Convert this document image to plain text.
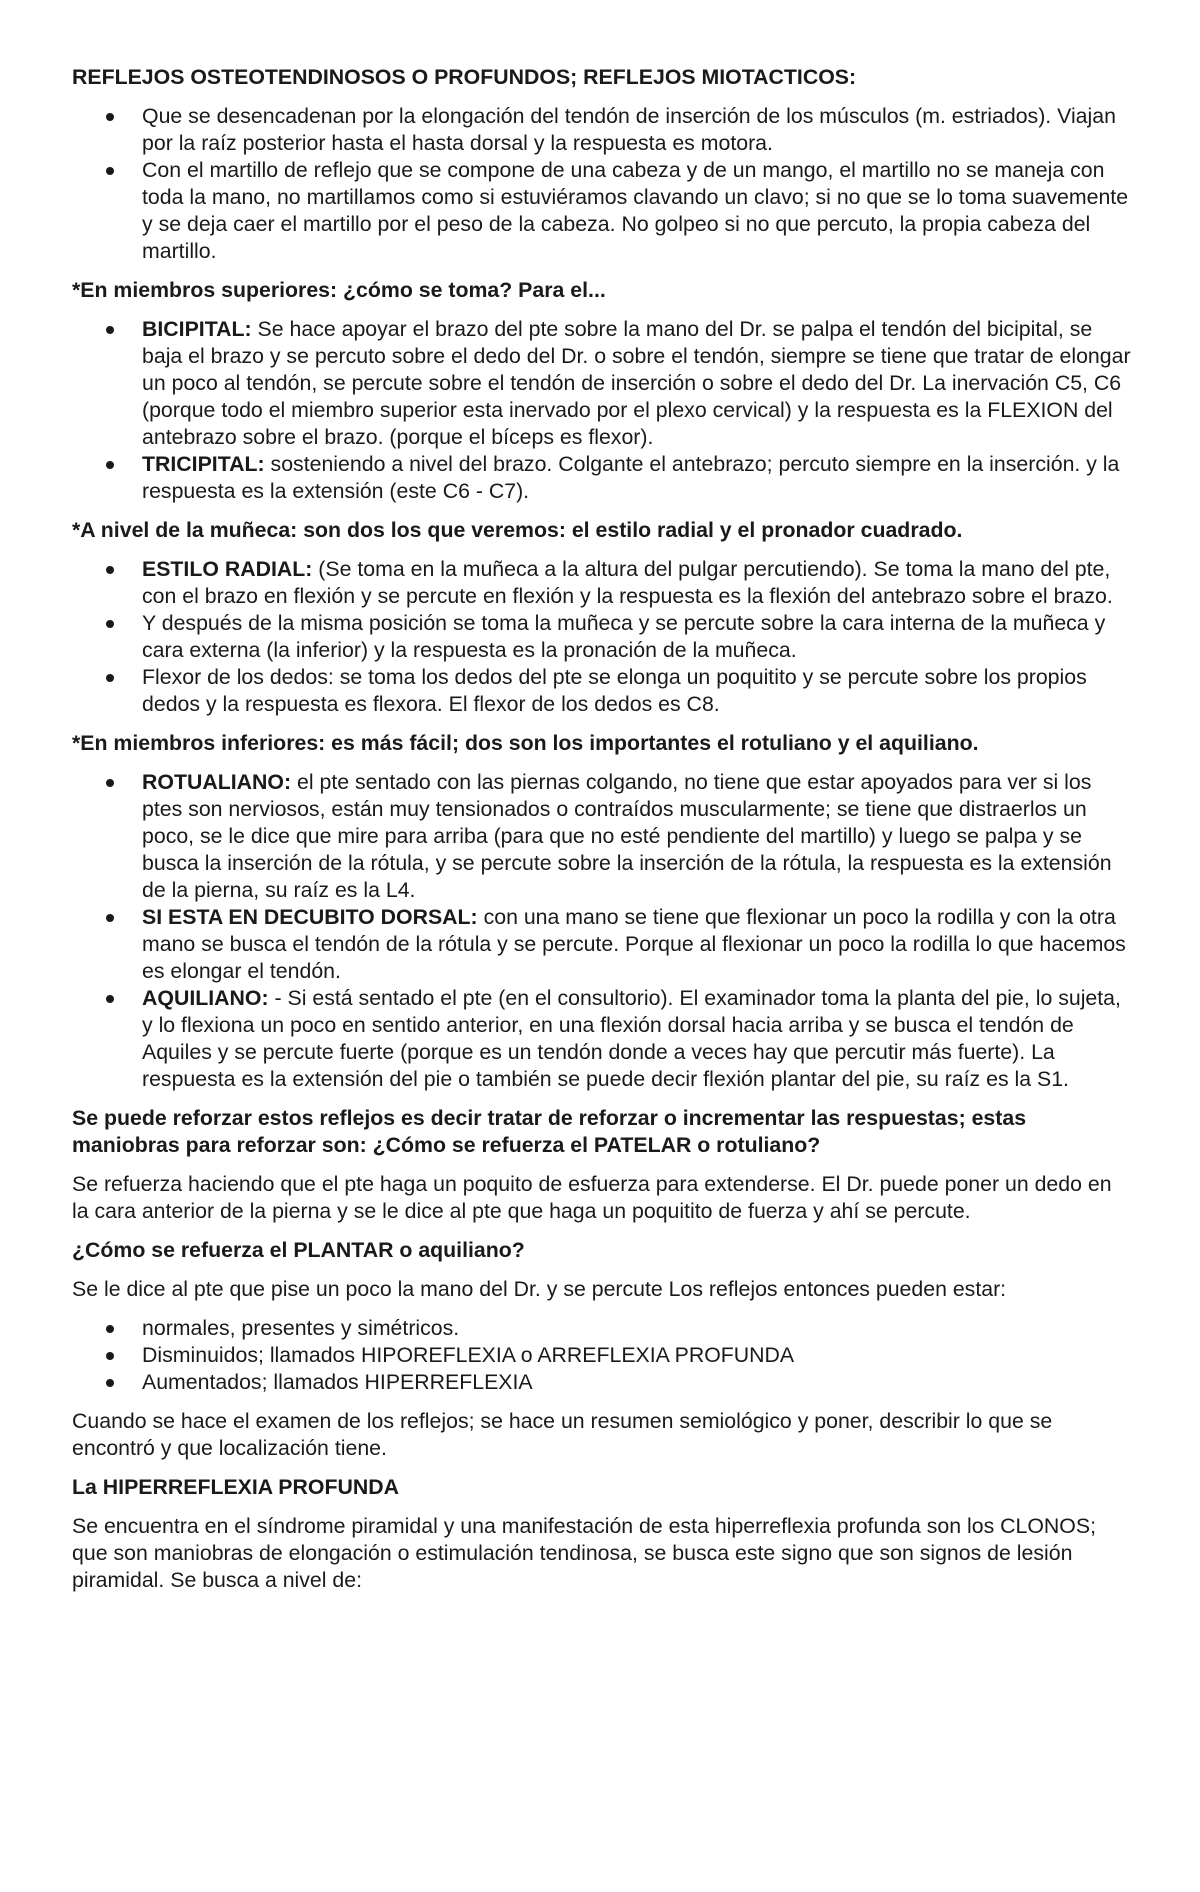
REFLEJOS OSTEOTENDINOSOS O PROFUNDOS; REFLEJOS MIOTACTICOS:
Que se desencadenan por la elongación del tendón de inserción de los músculos (m. estriados). Viajan por la raíz posterior hasta el hasta dorsal y la respuesta es motora.
Con el martillo de reflejo que se compone de una cabeza y de un mango, el martillo no se maneja con toda la mano, no martillamos como si estuviéramos clavando un clavo; si no que se lo toma suavemente y se deja caer el martillo por el peso de la cabeza. No golpeo si no que percuto, la propia cabeza del martillo.
*En miembros superiores: ¿cómo se toma? Para el...
BICIPITAL: Se hace apoyar el brazo del pte sobre la mano del Dr. se palpa el tendón del bicipital, se baja el brazo y se percuto sobre el dedo del Dr. o sobre el tendón, siempre se tiene que tratar de elongar un poco al tendón, se percute sobre el tendón de inserción o sobre el dedo del Dr. La inervación C5, C6 (porque todo el miembro superior esta inervado por el plexo cervical) y la respuesta es la FLEXION del antebrazo sobre el brazo. (porque el bíceps es flexor).
TRICIPITAL: sosteniendo a nivel del brazo. Colgante el antebrazo; percuto siempre en la inserción. y la respuesta es la extensión (este C6 - C7).
*A nivel de la muñeca: son dos los que veremos: el estilo radial y el pronador cuadrado.
ESTILO RADIAL: (Se toma en la muñeca a la altura del pulgar percutiendo). Se toma la mano del pte, con el brazo en flexión y se percute en flexión y la respuesta es la flexión del antebrazo sobre el brazo.
Y después de la misma posición se toma la muñeca y se percute sobre la cara interna de la muñeca y cara externa (la inferior) y la respuesta es la pronación de la muñeca.
Flexor de los dedos: se toma los dedos del pte se elonga un poquitito y se percute sobre los propios dedos y la respuesta es flexora. El flexor de los dedos es C8.
*En miembros inferiores: es más fácil; dos son los importantes el rotuliano y el aquiliano.
ROTUALIANO: el pte sentado con las piernas colgando, no tiene que estar apoyados para ver si los ptes son nerviosos, están muy tensionados o contraídos muscularmente; se tiene que distraerlos un poco, se le dice que mire para arriba (para que no esté pendiente del martillo) y luego se palpa y se busca la inserción de la rótula, y se percute sobre la inserción de la rótula, la respuesta es la extensión de la pierna, su raíz es la L4.
SI ESTA EN DECUBITO DORSAL: con una mano se tiene que flexionar un poco la rodilla y con la otra mano se busca el tendón de la rótula y se percute. Porque al flexionar un poco la rodilla lo que hacemos es elongar el tendón.
AQUILIANO: - Si está sentado el pte (en el consultorio). El examinador toma la planta del pie, lo sujeta, y lo flexiona un poco en sentido anterior, en una flexión dorsal hacia arriba y se busca el tendón de Aquiles y se percute fuerte (porque es un tendón donde a veces hay que percutir más fuerte). La respuesta es la extensión del pie o también se puede decir flexión plantar del pie, su raíz es la S1.
Se puede reforzar estos reflejos es decir tratar de reforzar o incrementar las respuestas; estas maniobras para reforzar son: ¿Cómo se refuerza el PATELAR o rotuliano?

Se refuerza haciendo que el pte haga un poquito de esfuerza para extenderse. El Dr. puede poner un dedo en la cara anterior de la pierna y se le dice al pte que haga un poquitito de fuerza y ahí se percute.

¿Cómo se refuerza el PLANTAR o aquiliano?

Se le dice al pte que pise un poco la mano del Dr. y se percute Los reflejos entonces pueden estar:

normales, presentes y simétricos.
Disminuidos; llamados HIPOREFLEXIA o ARREFLEXIA PROFUNDA
Aumentados; llamados HIPERREFLEXIA

Cuando se hace el examen de los reflejos; se hace un resumen semiológico y poner, describir lo que se encontró y que localización tiene.

La HIPERREFLEXIA PROFUNDA

Se encuentra en el síndrome piramidal y una manifestación de esta hiperreflexia profunda son los CLONOS; que son maniobras de elongación o estimulación tendinosa, se busca este signo que son signos de lesión piramidal. Se busca a nivel de:
